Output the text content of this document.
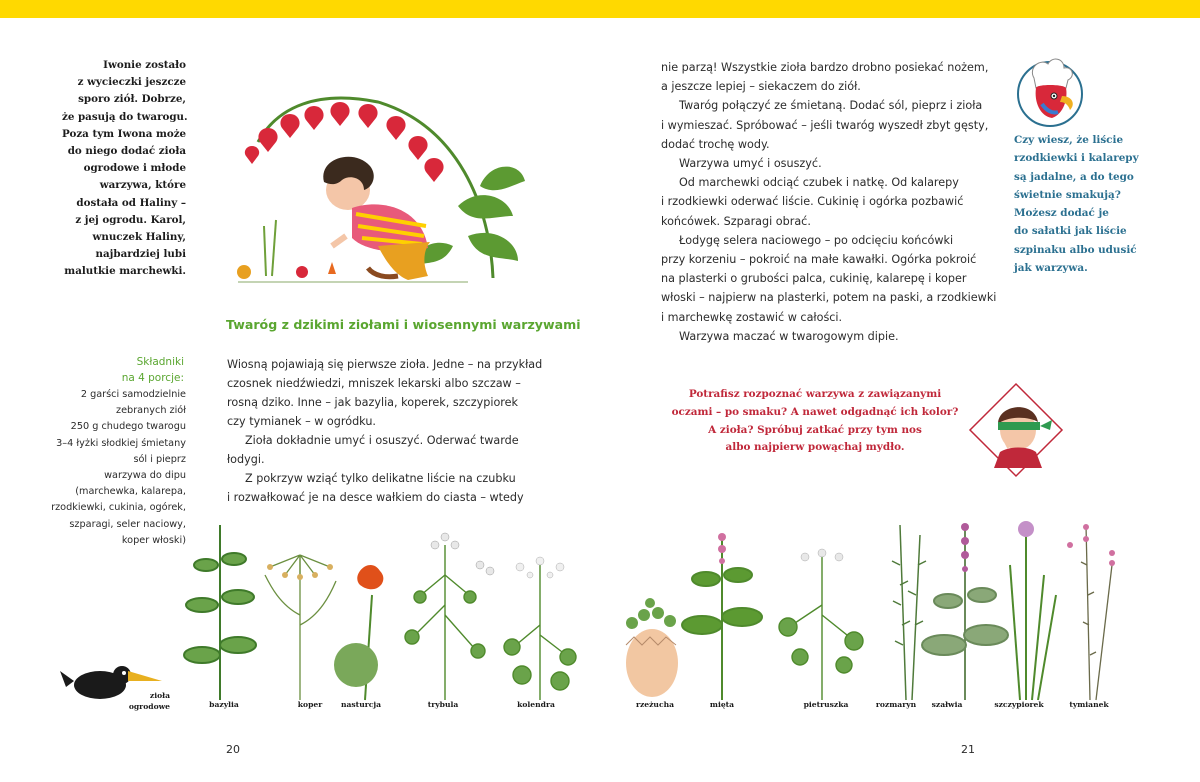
Iwonie zostało
z wycieczki jeszcze
sporo ziół. Dobrze,
że pasują do twarogu.
Poza tym Iwona może
do niego dodać zioła
ogrodowe i młode
warzywa, które
dostała od Haliny –
z jej ogrodu. Karol,
wnuczek Haliny,
najbardziej lubi
malutkie marchewki.
Twaróg z dzikimi ziołami i wiosennymi warzywami
Składniki
na 4 porcje:
2 garści samodzielnie
zebranych ziół
250 g chudego twarogu
3–4 łyżki słodkiej śmietany
sól i pieprz
warzywa do dipu
(marchewka, kalarepa,
rzodkiewki, cukinia, ogórek,
szparagi, seler naciowy,
koper włoski)
Wiosną pojawiają się pierwsze zioła. Jedne – na przykład
czosnek niedźwiedzi, mniszek lekarski albo szczaw –
rosną dziko. Inne – jak bazylia, koperek, szczypiorek
czy tymianek – w ogródku.
Zioła dokładnie umyć i osuszyć. Oderwać twarde
łodygi.
Z pokrzyw wziąć tylko delikatne liście na czubku
i rozwałkować je na desce wałkiem do ciasta – wtedy
nie parzą! Wszystkie zioła bardzo drobno posiekać nożem,
a jeszcze lepiej – siekaczem do ziół.
Twaróg połączyć ze śmietaną. Dodać sól, pieprz i zioła
i wymieszać. Spróbować – jeśli twaróg wyszedł zbyt gęsty,
dodać trochę wody.
Warzywa umyć i osuszyć.
Od marchewki odciąć czubek i natkę. Od kalarepy
i rzodkiewki oderwać liście. Cukinię i ogórka pozbawić
końcówek. Szparagi obrać.
Łodygę selera naciowego – po odcięciu końcówki
przy korzeniu – pokroić na małe kawałki. Ogórka pokroić
na plasterki o grubości palca, cukinię, kalarepę i koper
włoski – najpierw na plasterki, potem na paski, a rzodkiewki
i marchewkę zostawić w całości.
Warzywa maczać w twarogowym dipie.
Czy wiesz, że liście
rzodkiewki i kalarepy
są jadalne, a do tego
świetnie smakują?
Możesz dodać je
do sałatki jak liście
szpinaku albo udusić
jak warzywa.
Potrafisz rozpoznać warzywa z zawiązanymi
oczami – po smaku? A nawet odgadnąć ich kolor?
A zioła? Spróbuj zatkać przy tym nos
albo najpierw powąchaj mydło.
zioła
ogrodowe	bazylia	koper	nasturcja	trybula	kolendra	rzeżucha	mięta	pietruszka	rozmaryn	szałwia	szczypiorek	tymianek
20	21
